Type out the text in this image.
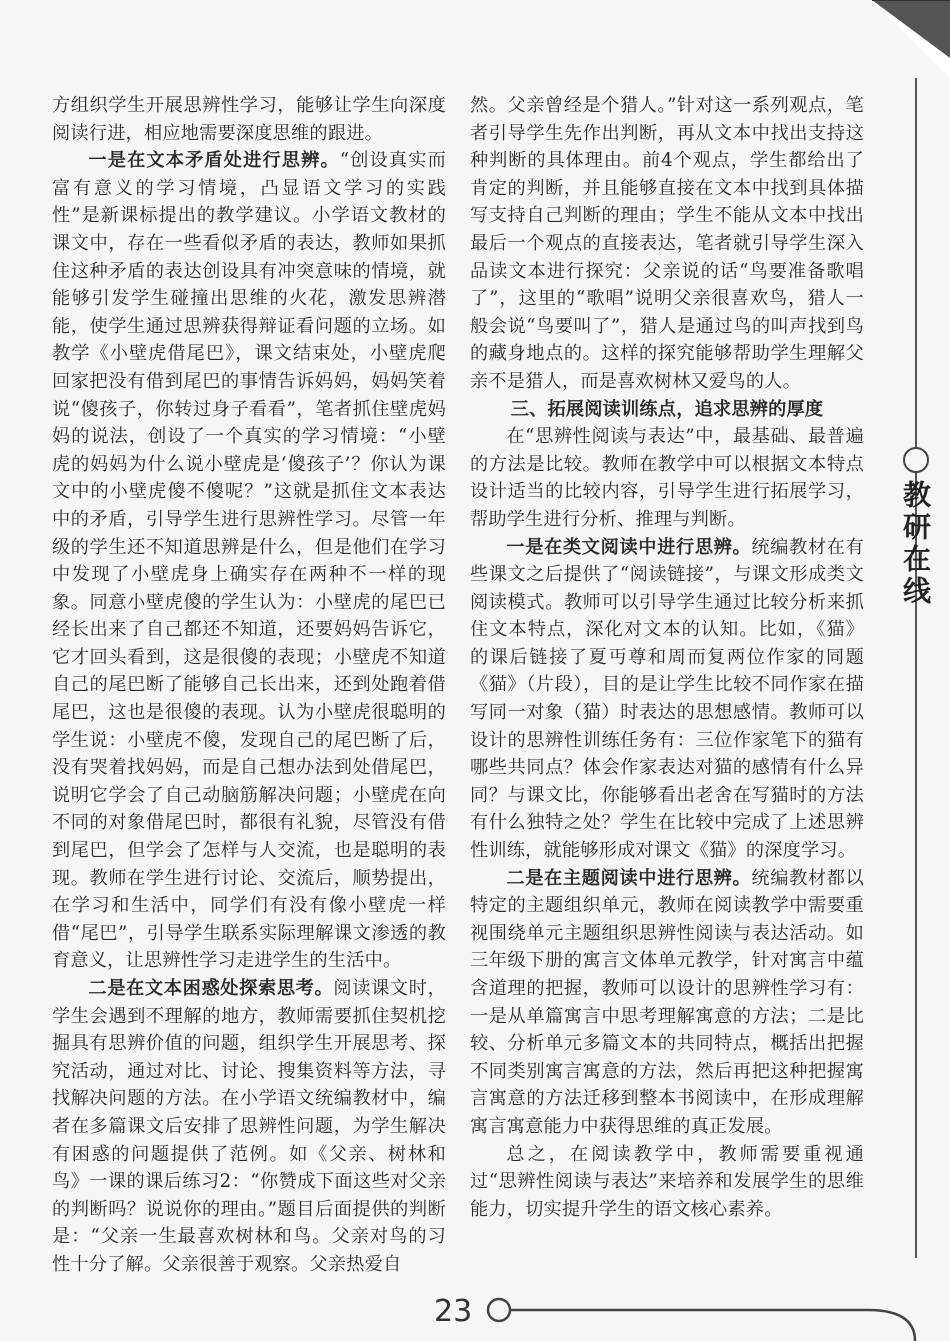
教研在线

方组织学生开展思辨性学习，能够让学生向深度阅读行进，相应地需要深度思维的跟进。

一是在文本矛盾处进行思辨。“创设真实而富有意义的学习情境，凸显语文学习的实践性”是新课标提出的教学建议。小学语文教材的课文中，存在一些看似矛盾的表达，教师如果抓住这种矛盾的表达创设具有冲突意味的情境，就能够引发学生碰撞出思维的火花，激发思辨潜能，使学生通过思辨获得辩证看问题的立场。如教学《小壁虎借尾巴》，课文结束处，小壁虎爬回家把没有借到尾巴的事情告诉妈妈，妈妈笑着说“傻孩子，你转过身子看看”，笔者抓住壁虎妈妈的说法，创设了一个真实的学习情境：“小壁虎的妈妈为什么说小壁虎是‘傻孩子’？你认为课文中的小壁虎傻不傻呢？”这就是抓住文本表达中的矛盾，引导学生进行思辨性学习。尽管一年级的学生还不知道思辨是什么，但是他们在学习中发现了小壁虎身上确实存在两种不一样的现象。同意小壁虎傻的学生认为：小壁虎的尾巴已经长出来了自己都还不知道，还要妈妈告诉它，它才回头看到，这是很傻的表现；小壁虎不知道自己的尾巴断了能够自己长出来，还到处跑着借尾巴，这也是很傻的表现。认为小壁虎很聪明的学生说：小壁虎不傻，发现自己的尾巴断了后，没有哭着找妈妈，而是自己想办法到处借尾巴，说明它学会了自己动脑筋解决问题；小壁虎在向不同的对象借尾巴时，都很有礼貌，尽管没有借到尾巴，但学会了怎样与人交流，也是聪明的表现。教师在学生进行讨论、交流后，顺势提出，在学习和生活中，同学们有没有像小壁虎一样借“尾巴”，引导学生联系实际理解课文渗透的教育意义，让思辨性学习走进学生的生活中。

二是在文本困惑处探索思考。阅读课文时，学生会遇到不理解的地方，教师需要抓住契机挖掘具有思辨价值的问题，组织学生开展思考、探究活动，通过对比、讨论、搜集资料等方法，寻找解决问题的方法。在小学语文统编教材中，编者在多篇课文后安排了思辨性问题，为学生解决有困惑的问题提供了范例。如《父亲、树林和鸟》一课的课后练习2：“你赞成下面这些对父亲的判断吗？说说你的理由。”题目后面提供的判断是：“父亲一生最喜欢树林和鸟。父亲对鸟的习性十分了解。父亲很善于观察。父亲热爱自

然。父亲曾经是个猎人。”针对这一系列观点，笔者引导学生先作出判断，再从文本中找出支持这种判断的具体理由。前4个观点，学生都给出了肯定的判断，并且能够直接在文本中找到具体描写支持自己判断的理由；学生不能从文本中找出最后一个观点的直接表达，笔者就引导学生深入品读文本进行探究：父亲说的话“鸟要准备歌唱了”，这里的“歌唱”说明父亲很喜欢鸟，猎人一般会说“鸟要叫了”，猎人是通过鸟的叫声找到鸟的藏身地点的。这样的探究能够帮助学生理解父亲不是猎人，而是喜欢树林又爱鸟的人。

三、拓展阅读训练点，追求思辨的厚度

在“思辨性阅读与表达”中，最基础、最普遍的方法是比较。教师在教学中可以根据文本特点设计适当的比较内容，引导学生进行拓展学习，帮助学生进行分析、推理与判断。

一是在类文阅读中进行思辨。统编教材在有些课文之后提供了“阅读链接”，与课文形成类文阅读模式。教师可以引导学生通过比较分析来抓住文本特点，深化对文本的认知。比如，《猫》的课后链接了夏丏尊和周而复两位作家的同题《猫》（片段），目的是让学生比较不同作家在描写同一对象（猫）时表达的思想感情。教师可以设计的思辨性训练任务有：三位作家笔下的猫有哪些共同点？体会作家表达对猫的感情有什么异同？与课文比，你能够看出老舍在写猫时的方法有什么独特之处？学生在比较中完成了上述思辨性训练，就能够形成对课文《猫》的深度学习。

二是在主题阅读中进行思辨。统编教材都以特定的主题组织单元，教师在阅读教学中需要重视围绕单元主题组织思辨性阅读与表达活动。如三年级下册的寓言文体单元教学，针对寓言中蕴含道理的把握，教师可以设计的思辨性学习有：一是从单篇寓言中思考理解寓意的方法；二是比较、分析单元多篇文本的共同特点，概括出把握不同类别寓言寓意的方法，然后再把这种把握寓言寓意的方法迁移到整本书阅读中，在形成理解寓言寓意能力中获得思维的真正发展。

总之，在阅读教学中，教师需要重视通过“思辨性阅读与表达”来培养和发展学生的思维能力，切实提升学生的语文核心素养。

23
